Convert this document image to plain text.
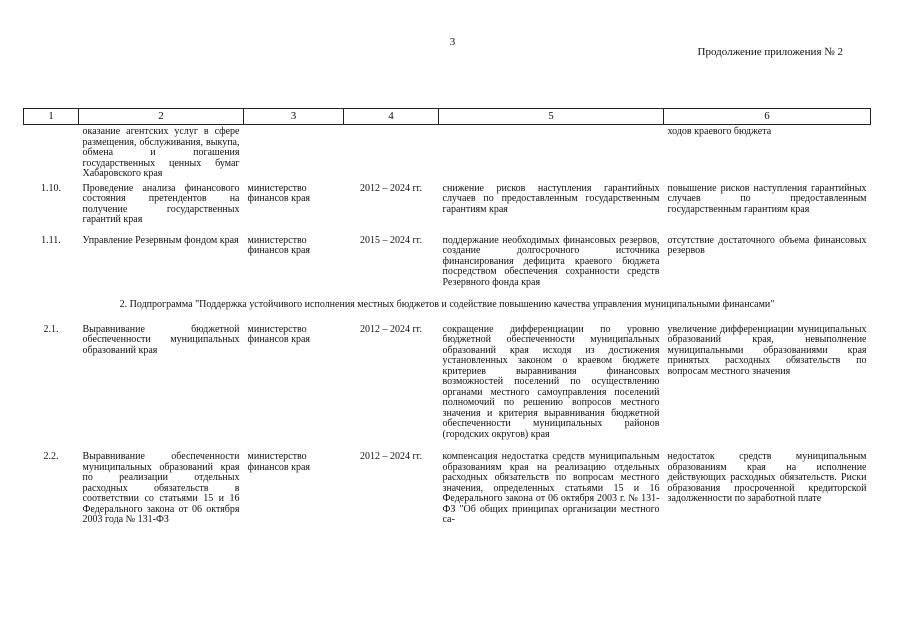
3
Продолжение приложения № 2
1	2	3	4	5	6
	оказание агентских услуг в сфере размещения, обслуживания, выкупа, обмена и погашения государственных ценных бумаг Хабаровского края				ходов краевого бюджета
1.10.	Проведение анализа финансового состояния претендентов на получение государственных гарантий края	министерство финансов края	2012 – 2024 гг.	снижение рисков наступления гарантийных случаев по предоставленным государственным гарантиям края	повышение рисков наступления гарантийных случаев по предоставленным государственным гарантиям края
1.11.	Управление Резервным фондом края	министерство финансов края	2015 – 2024 гг.	поддержание необходимых финансовых резервов, создание долгосрочного источника финансирования дефицита краевого бюджета посредством обеспечения сохранности средств Резервного фонда края	отсутствие достаточного объема финансовых резервов
2. Подпрограмма "Поддержка устойчивого исполнения местных бюджетов и содействие повышению качества управления муниципальными финансами"					
2.1.	Выравнивание бюджетной обеспеченности муниципальных образований края	министерство финансов края	2012 – 2024 гг.	сокращение дифференциации по уровню бюджетной обеспеченности муниципальных образований края исходя из достижения установленных законом о краевом бюджете критериев выравнивания финансовых возможностей поселений по осуществлению органами местного самоуправления поселений полномочий по решению вопросов местного значения и критерия выравнивания бюджетной обеспеченности муниципальных районов (городских округов) края	увеличение дифференциации муниципальных образований края, невыполнение муниципальными образованиями края принятых расходных обязательств по вопросам местного значения
2.2.	Выравнивание обеспеченности муниципальных образований края по реализации отдельных расходных обязательств в соответствии со статьями 15 и 16 Федерального закона от 06 октября 2003 года № 131-ФЗ	министерство финансов края	2012 – 2024 гг.	компенсация недостатка средств муниципальным образованиям края на реализацию отдельных расходных обязательств по вопросам местного значения, определенных статьями 15 и 16 Федерального закона от 06 октября 2003 г. № 131-ФЗ "Об общих принципах организации местного са-	недостаток средств муниципальным образованиям края на исполнение действующих расходных обязательств. Риски образования просроченной кредиторской задолженности по заработной плате
